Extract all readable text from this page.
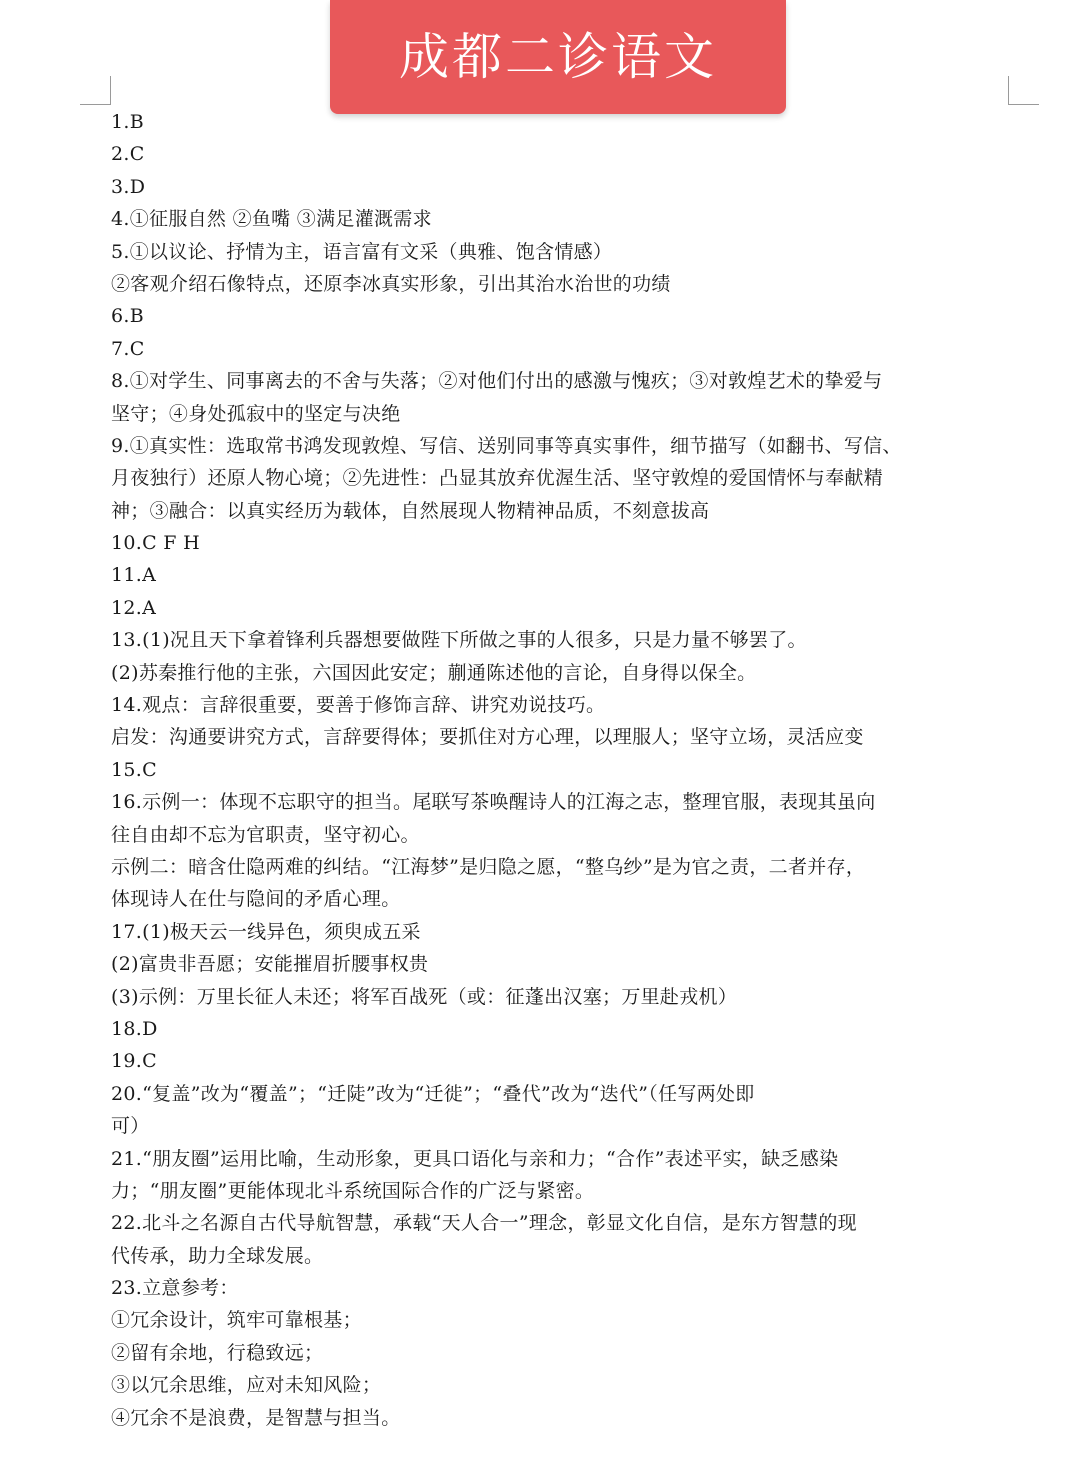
成都二诊语文
1.B
2.C
3.D
4.①征服自然 ②鱼嘴 ③满足灌溉需求
5.①以议论、抒情为主，语言富有文采（典雅、饱含情感）
②客观介绍石像特点，还原李冰真实形象，引出其治水治世的功绩
6.B
7.C
8.①对学生、同事离去的不舍与失落；②对他们付出的感激与愧疚；③对敦煌艺术的挚爱与
坚守；④身处孤寂中的坚定与决绝
9.①真实性：选取常书鸿发现敦煌、写信、送别同事等真实事件，细节描写（如翻书、写信、
月夜独行）还原人物心境；②先进性：凸显其放弃优渥生活、坚守敦煌的爱国情怀与奉献精
神；③融合：以真实经历为载体，自然展现人物精神品质，不刻意拔高
10.C F H
11.A
12.A
13.(1)况且天下拿着锋利兵器想要做陛下所做之事的人很多，只是力量不够罢了。
(2)苏秦推行他的主张，六国因此安定；蒯通陈述他的言论，自身得以保全。
14.观点：言辞很重要，要善于修饰言辞、讲究劝说技巧。
启发：沟通要讲究方式，言辞要得体；要抓住对方心理，以理服人；坚守立场，灵活应变
15.C
16.示例一：体现不忘职守的担当。尾联写茶唤醒诗人的江海之志，整理官服，表现其虽向
往自由却不忘为官职责，坚守初心。
示例二：暗含仕隐两难的纠结。“江海梦”是归隐之愿，“整乌纱”是为官之责，二者并存，
体现诗人在仕与隐间的矛盾心理。
17.(1)极天云一线异色，须臾成五采
(2)富贵非吾愿；安能摧眉折腰事权贵
(3)示例：万里长征人未还；将军百战死（或：征蓬出汉塞；万里赴戎机）
18.D
19.C
20.“复盖”改为“覆盖”；“迁陡”改为“迁徙”；“叠代”改为“迭代”（任写两处即
可）
21.“朋友圈”运用比喻，生动形象，更具口语化与亲和力；“合作”表述平实，缺乏感染
力；“朋友圈”更能体现北斗系统国际合作的广泛与紧密。
22.北斗之名源自古代导航智慧，承载“天人合一”理念，彰显文化自信，是东方智慧的现
代传承，助力全球发展。
23.立意参考：
①冗余设计，筑牢可靠根基；
②留有余地，行稳致远；
③以冗余思维，应对未知风险；
④冗余不是浪费，是智慧与担当。
